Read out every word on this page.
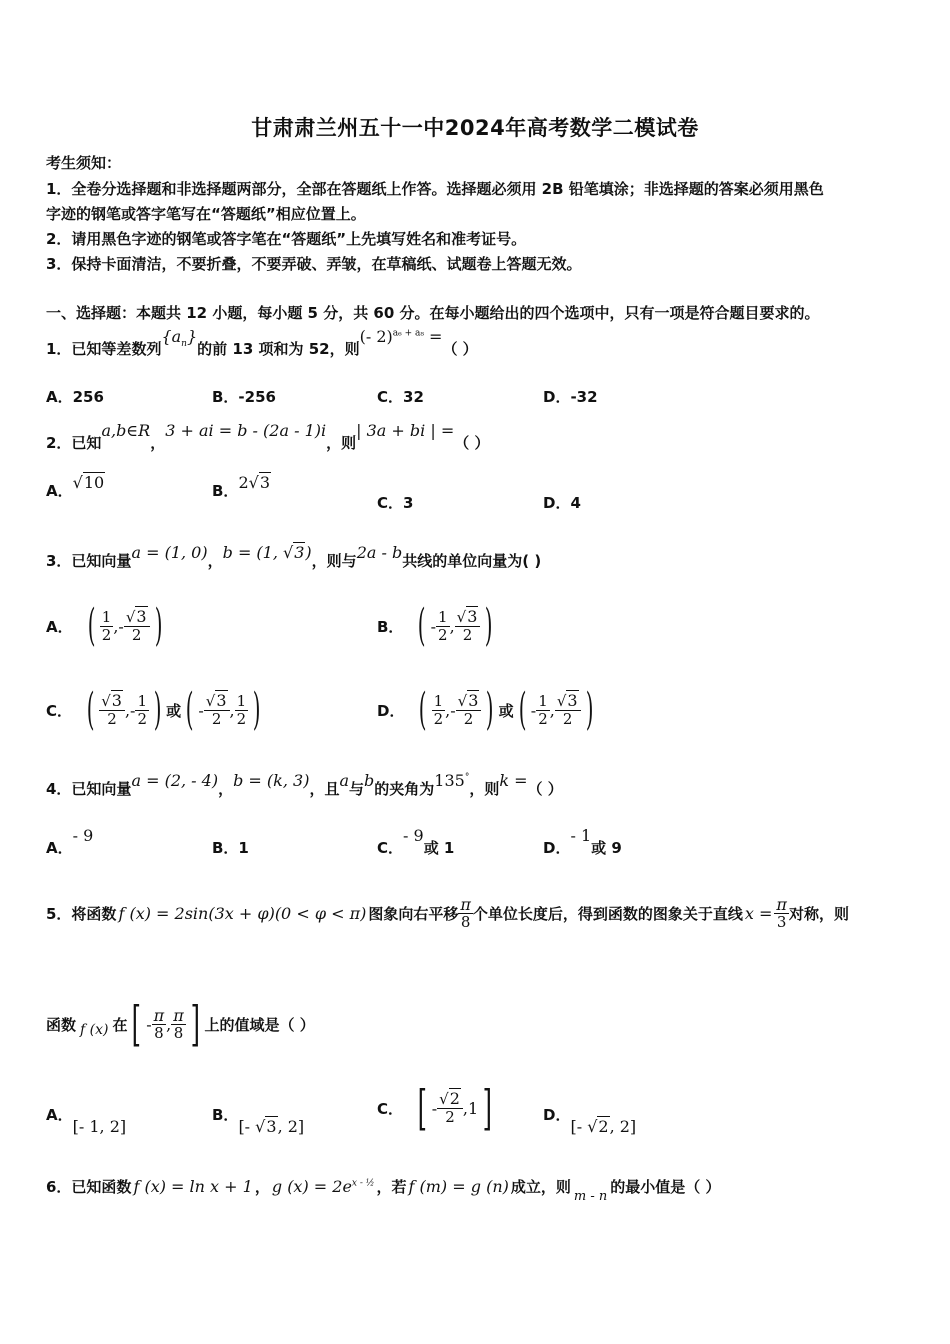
甘肃肃兰州五十一中2024年高考数学二模试卷
考生须知：
1．全卷分选择题和非选择题两部分，全部在答题纸上作答。选择题必须用 2B 铅笔填涂；非选择题的答案必须用黑色
字迹的钢笔或答字笔写在“答题纸”相应位置上。
2．请用黑色字迹的钢笔或答字笔在“答题纸”上先填写姓名和准考证号。
3．保持卡面清洁，不要折叠，不要弄破、弄皱，在草稿纸、试题卷上答题无效。
一、选择题：本题共 12 小题，每小题 5 分，共 60 分。在每小题给出的四个选项中，只有一项是符合题目要求的。
1．已知等差数列$\{a_n\}$的前 13 项和为 52，则(- 2)$^{a_6 + a_8}$ =（ ）
A．256	B．-256	C．32	D．-32
2．已知a,b∈R，3 + ai = b - (2a - 1)i，则| 3a + bi | =（ ）
A．√10	B．2√3
C．3	D．4
3．已知向量a = (1, 0)，b = (1, √3)，则与2a - b共线的单位向量为( )
A． ( $\frac{1}{2}$ , - $\frac{√3}{2}$ )	B． ( - $\frac{1}{2}$ , $\frac{√3}{2}$ )
C． ( $\frac{√3}{2}$ , - $\frac{1}{2}$ ) 或 ( - $\frac{√3}{2}$ , $\frac{1}{2}$ )	D． ( $\frac{1}{2}$ , - $\frac{√3}{2}$ ) 或 ( - $\frac{1}{2}$ , $\frac{√3}{2}$ )
4．已知向量a = (2, - 4)，b = (k, 3)，且a与b的夹角为135°，则k =（ ）
A．- 9
B．1	C．- 9或 1	D．- 1或 9
5．将函数 f (x) = 2sin(3x + φ)(0 < φ < π) 图象向右平移 $\frac{\pi}{8}$ 个单位长度后，得到函数的图象关于直线 $x = \frac{\pi}{3}$ 对称，则
函数 f (x) 在 [ - $\frac{\pi}{8}$ , $\frac{\pi}{8}$ ] 上的值域是（ ）
A．[- 1, 2]
B．[- √3, 2]
C． [ - $\frac{√2}{2}$ , 1 ]	D．[- √2, 2]
6．已知函数 f (x) = ln x + 1 ， g $(x) = 2e^{x - \frac{1}{2}}$ ，若 f (m) = g (n) 成立，则m - n的最小值是（ ）
